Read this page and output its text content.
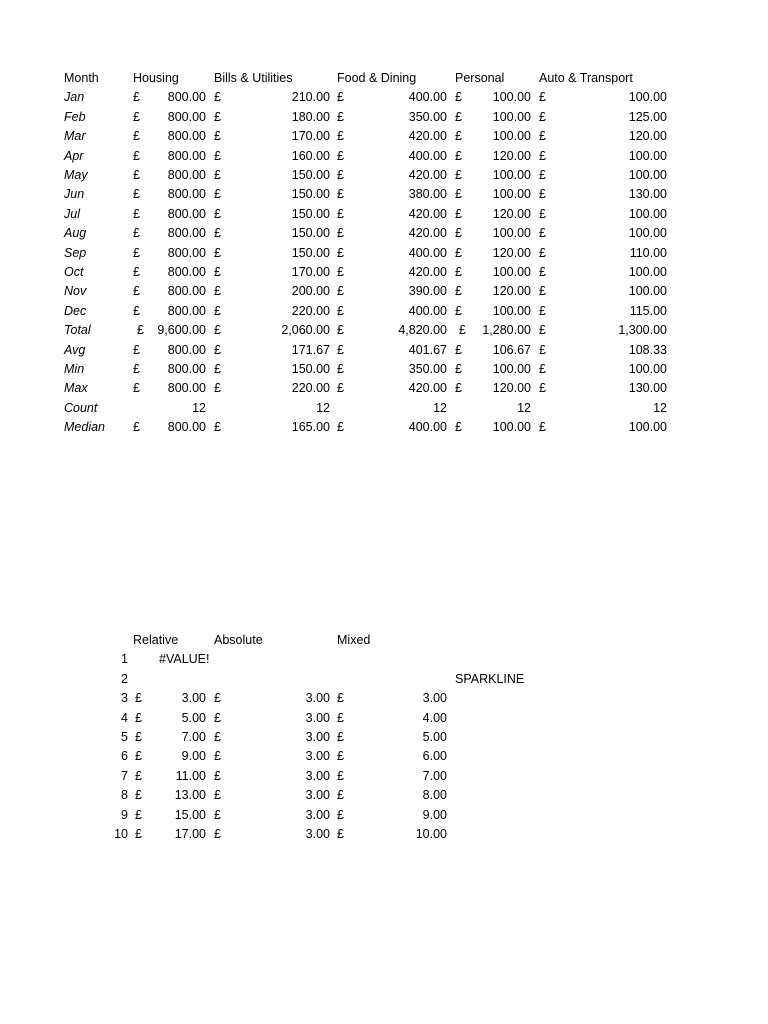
Month	Housing	Bills & Utilities	Food & Dining	Personal	Auto & Transport
Jan	£	800.00 £	210.00 £	400.00 £	100.00 £	100.00
Feb	£	800.00 £	180.00 £	350.00 £	100.00 £	125.00
Mar	£	800.00 £	170.00 £	420.00 £	100.00 £	120.00
Apr	£	800.00 £	160.00 £	400.00 £	120.00 £	100.00
May	£	800.00 £	150.00 £	420.00 £	100.00 £	100.00
Jun	£	800.00 £	150.00 £	380.00 £	100.00 £	130.00
Jul	£	800.00 £	150.00 £	420.00 £	120.00 £	100.00
Aug	£	800.00 £	150.00 £	420.00 £	100.00 £	100.00
Sep	£	800.00 £	150.00 £	400.00 £	120.00 £	110.00
Oct	£	800.00 £	170.00 £	420.00 £	100.00 £	100.00
Nov	£	800.00 £	200.00 £	390.00 £	120.00 £	100.00
Dec	£	800.00 £	220.00 £	400.00 £	100.00 £	115.00
Total	£	9,600.00 £	2,060.00 £	4,820.00 £	1,280.00 £	1,300.00
Avg	£	800.00 £	171.67 £	401.67 £	106.67 £	108.33
Min	£	800.00 £	150.00 £	350.00 £	100.00 £	100.00
Max	£	800.00 £	220.00 £	420.00 £	120.00 £	130.00
Count	12	12	12	12	12
Median £	800.00 £	165.00 £	400.00 £	100.00 £	100.00
Relative	Absolute	Mixed
1 #VALUE!
2	SPARKLINE
3 £	3.00 £	3.00 £	3.00
4 £	5.00 £	3.00 £	4.00
5 £	7.00 £	3.00 £	5.00
6 £	9.00 £	3.00 £	6.00
7 £	11.00 £	3.00 £	7.00
8 £	13.00 £	3.00 £	8.00
9 £	15.00 £	3.00 £	9.00
10 £	17.00 £	3.00 £	10.00
